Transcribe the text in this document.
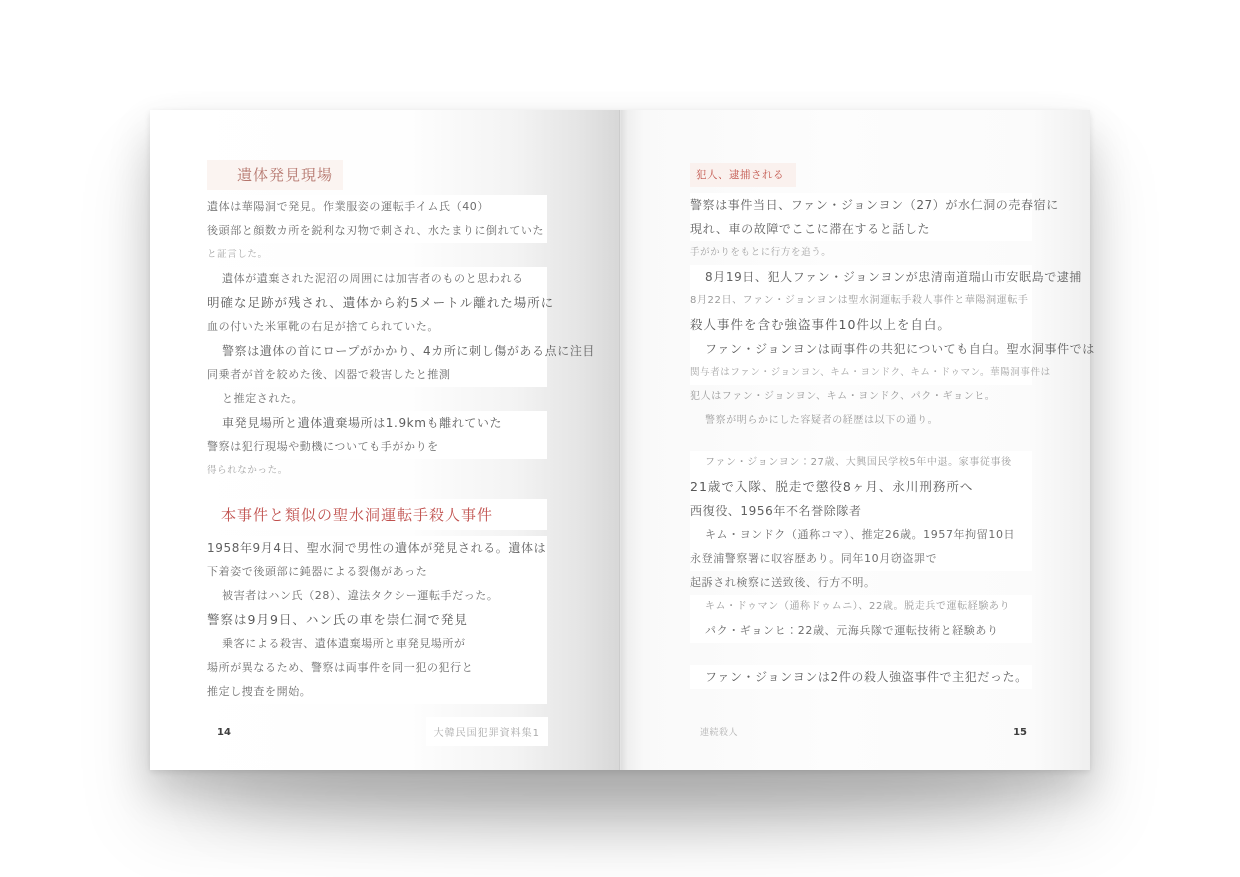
遺体発見現場
遺体は華陽洞で発見。作業服姿の運転手イム氏（40）
後頭部と顔数カ所を鋭利な刃物で刺され、水たまりに倒れていた
と証言した。
遺体が遺棄された泥沼の周囲には加害者のものと思われる
明確な足跡が残され、遺体から約5メートル離れた場所に
血の付いた米軍靴の右足が捨てられていた。
警察は遺体の首にロープがかかり、4カ所に刺し傷がある点に注目
同乗者が首を絞めた後、凶器で殺害したと推測
と推定された。
車発見場所と遺体遺棄場所は1.9kmも離れていた
警察は犯行現場や動機についても手がかりを
得られなかった。
本事件と類似の聖水洞運転手殺人事件
1958年9月4日、聖水洞で男性の遺体が発見される。遺体は
下着姿で後頭部に鈍器による裂傷があった
被害者はハン氏（28）、違法タクシー運転手だった。
警察は9月9日、ハン氏の車を崇仁洞で発見
乗客による殺害、遺体遺棄場所と車発見場所が
場所が異なるため、警察は両事件を同一犯の犯行と
推定し捜査を開始。
14	大韓民国犯罪資料集1
犯人、逮捕される
警察は事件当日、ファン・ジョンヨン（27）が水仁洞の売春宿に
現れ、車の故障でここに滞在すると話した
手がかりをもとに行方を追う。
8月19日、犯人ファン・ジョンヨンが忠清南道瑞山市安眠島で逮捕
8月22日、ファン・ジョンヨンは聖水洞運転手殺人事件と華陽洞運転手
殺人事件を含む強盗事件10件以上を自白。
ファン・ジョンヨンは両事件の共犯についても自白。聖水洞事件では
関与者はファン・ジョンヨン、キム・ヨンドク、キム・ドゥマン。華陽洞事件は
犯人はファン・ジョンヨン、キム・ヨンドク、パク・ギョンヒ。
警察が明らかにした容疑者の経歴は以下の通り。
ファン・ジョンヨン：27歳、大興国民学校5年中退。家事従事後
21歳で入隊、脱走で懲役8ヶ月、永川刑務所へ
西復役、1956年不名誉除隊者
キム・ヨンドク（通称コマ）、推定26歳。1957年拘留10日
永登浦警察署に収容歴あり。同年10月窃盗罪で
起訴され検察に送致後、行方不明。
キム・ドゥマン（通称ドゥムニ）、22歳。脱走兵で運転経験あり
パク・ギョンヒ：22歳、元海兵隊で運転技術と経験あり
ファン・ジョンヨンは2件の殺人強盗事件で主犯だった。
連続殺人	15
